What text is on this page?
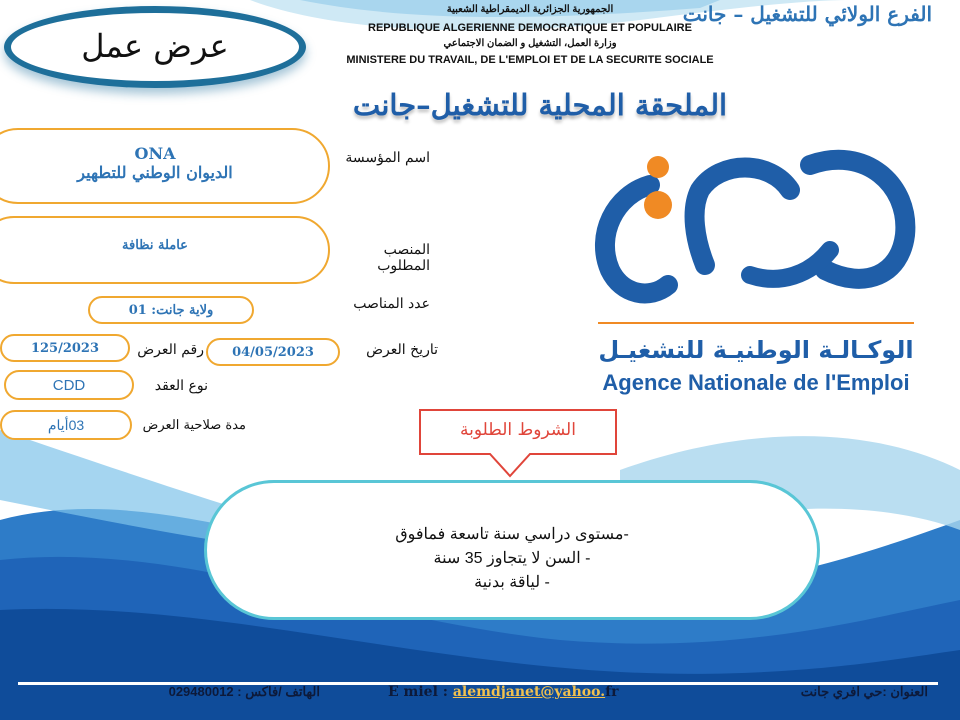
الجمهورية الجزائرية الديمقراطية الشعبية
REPUBLIQUE ALGERIENNE DEMOCRATIQUE ET POPULAIRE
وزارة العمل، التشغيل و الضمان الاجتماعي
MINISTERE DU TRAVAIL, DE L'EMPLOI ET DE LA SECURITE SOCIALE
الفرع الولائي للتشغيل – جانت
عرض عمل
الملحقة المحلية للتشغيل–جانت
الوكـالـة الوطنيـة للتشغيـل
Agence Nationale de l'Emploi
ONA
الديوان الوطني للتطهير
اسم المؤسسة
عاملة نظافة	المنصب المطلوب
ولاية جانت: 01	عدد المناصب
04/05/2023	تاريخ العرض
125/2023	رقم العرض
CDD	نوع العقد
03أيام	مدة صلاحية العرض	الشروط الطلوبة
-مستوى دراسي سنة تاسعة فمافوق
- السن لا يتجاوز 35 سنة
- لياقة بدنية
الهاتف /فاكس : 029480012	E miel : alemdjanet@yahoo.fr	العنوان :حي افري جانت
